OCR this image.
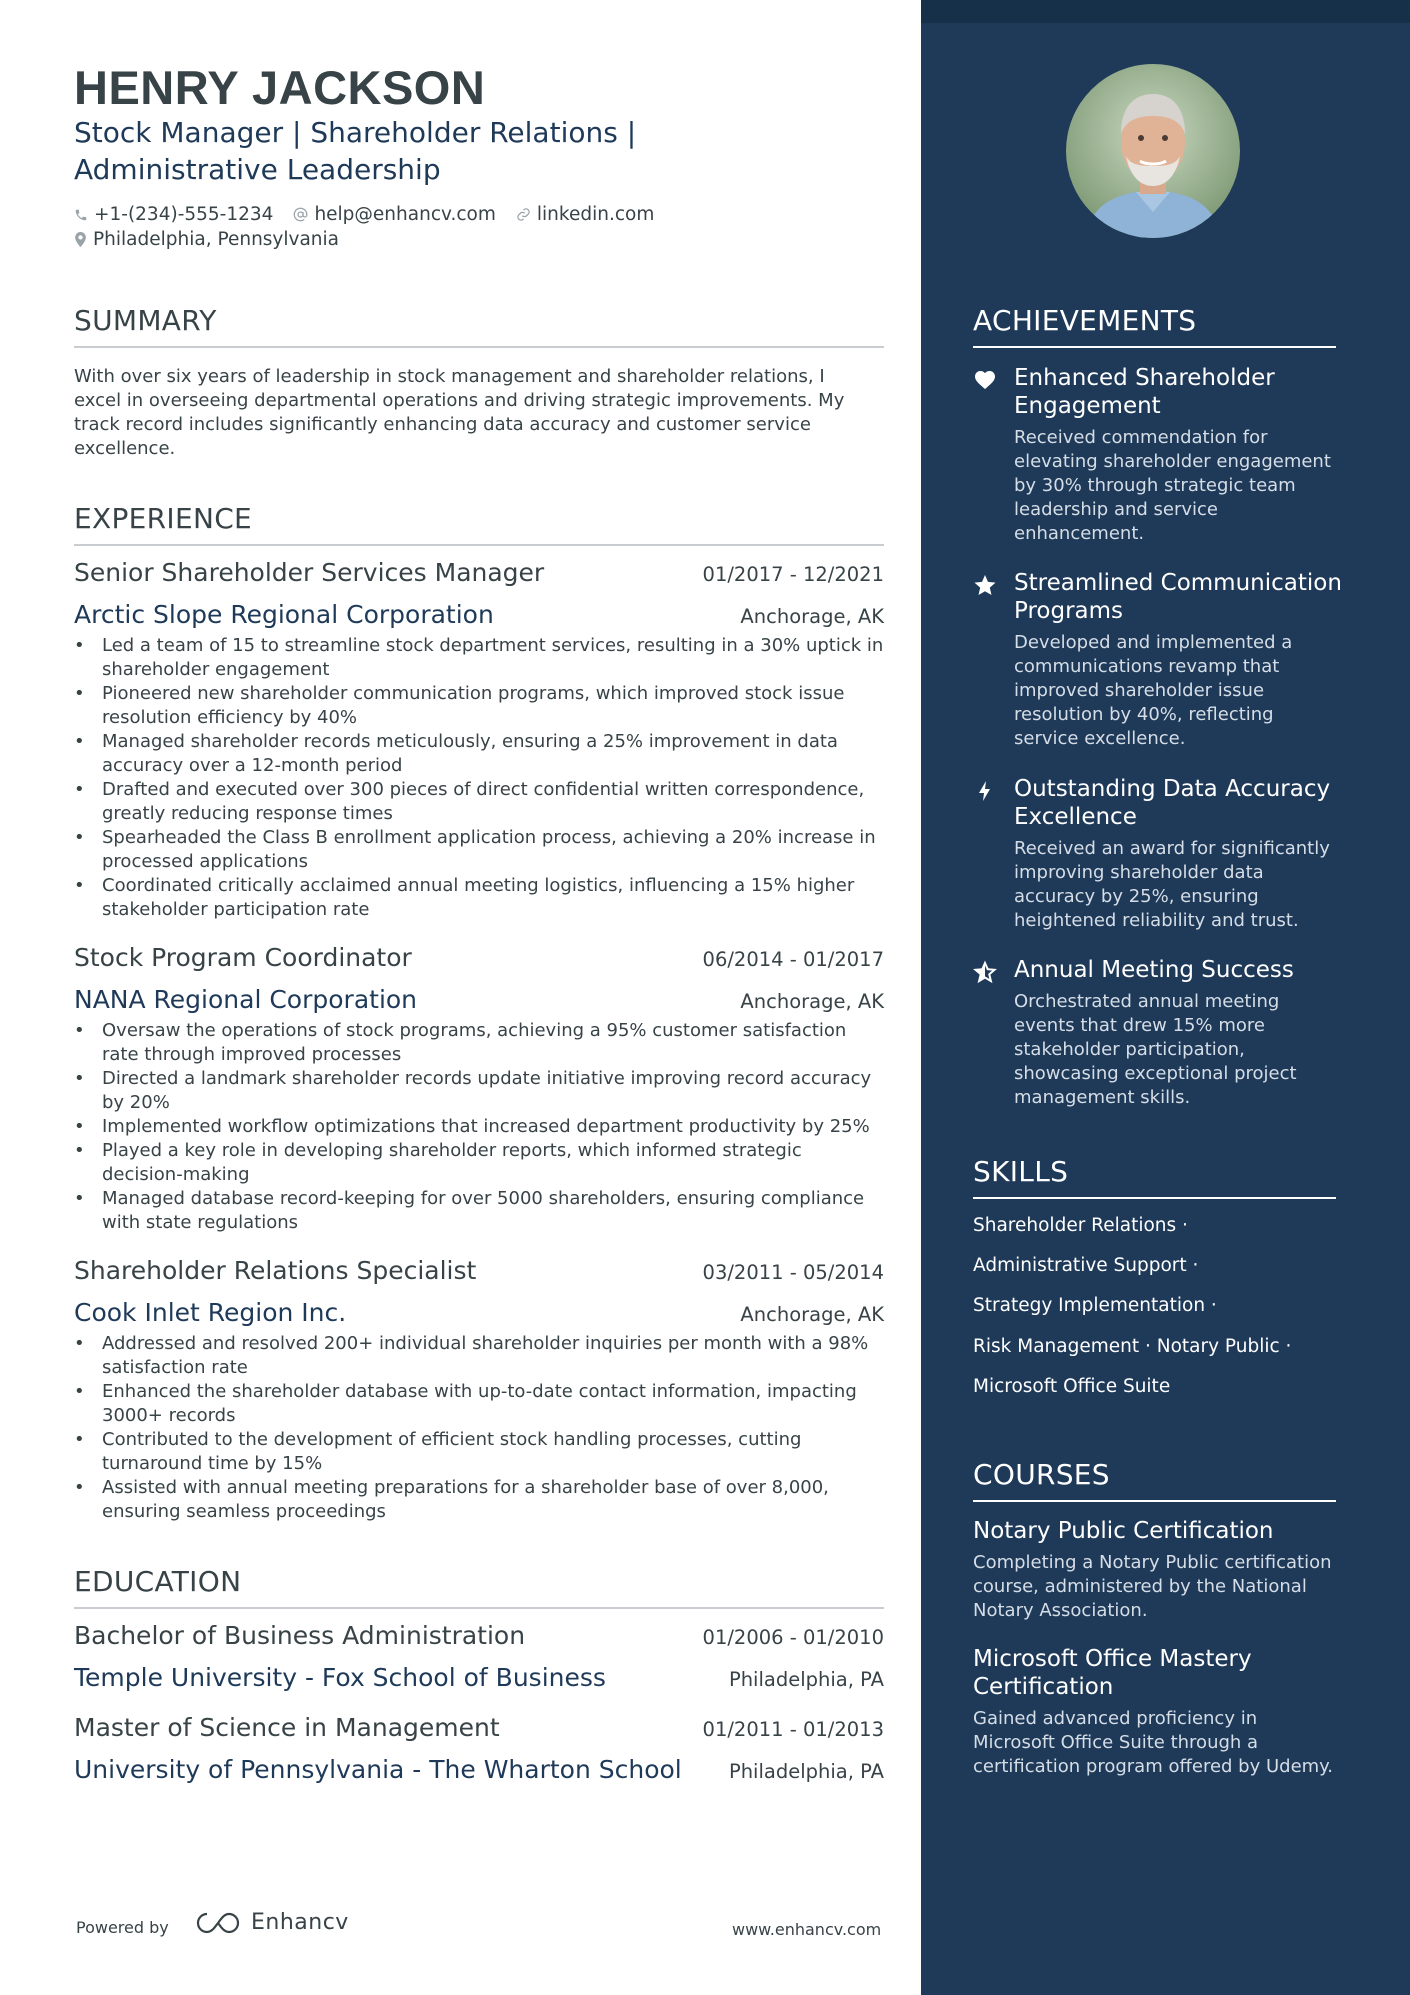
HENRY JACKSON
Stock Manager | Shareholder Relations |
Administrative Leadership
+1-(234)-555-1234 help@enhancv.com linkedin.com
Philadelphia, Pennsylvania
SUMMARY
With over six years of leadership in stock management and shareholder relations, I excel in overseeing departmental operations and driving strategic improvements. My track record includes significantly enhancing data accuracy and customer service excellence.
EXPERIENCE
Senior Shareholder Services Manager	01/2017 - 12/2021
Arctic Slope Regional Corporation	Anchorage, AK
• Led a team of 15 to streamline stock department services, resulting in a 30% uptick in shareholder engagement
• Pioneered new shareholder communication programs, which improved stock issue resolution efficiency by 40%
• Managed shareholder records meticulously, ensuring a 25% improvement in data accuracy over a 12-month period
• Drafted and executed over 300 pieces of direct confidential written correspondence, greatly reducing response times
• Spearheaded the Class B enrollment application process, achieving a 20% increase in processed applications
• Coordinated critically acclaimed annual meeting logistics, influencing a 15% higher stakeholder participation rate
Stock Program Coordinator	06/2014 - 01/2017
NANA Regional Corporation	Anchorage, AK
• Oversaw the operations of stock programs, achieving a 95% customer satisfaction rate through improved processes
• Directed a landmark shareholder records update initiative improving record accuracy by 20%
• Implemented workflow optimizations that increased department productivity by 25%
• Played a key role in developing shareholder reports, which informed strategic decision-making
• Managed database record-keeping for over 5000 shareholders, ensuring compliance with state regulations
Shareholder Relations Specialist	03/2011 - 05/2014
Cook Inlet Region Inc.	Anchorage, AK
• Addressed and resolved 200+ individual shareholder inquiries per month with a 98% satisfaction rate
• Enhanced the shareholder database with up-to-date contact information, impacting 3000+ records
• Contributed to the development of efficient stock handling processes, cutting turnaround time by 15%
• Assisted with annual meeting preparations for a shareholder base of over 8,000, ensuring seamless proceedings
EDUCATION
Bachelor of Business Administration	01/2006 - 01/2010
Temple University - Fox School of Business	Philadelphia, PA
Master of Science in Management	01/2011 - 01/2013
University of Pennsylvania - The Wharton School Philadelphia, PA
Powered by	Enhancv	www.enhancv.com
ACHIEVEMENTS
Enhanced Shareholder Engagement
Received commendation for elevating shareholder engagement by 30% through strategic team leadership and service enhancement.
Streamlined Communication Programs
Developed and implemented a communications revamp that improved shareholder issue resolution by 40%, reflecting service excellence.
Outstanding Data Accuracy Excellence
Received an award for significantly improving shareholder data accuracy by 25%, ensuring heightened reliability and trust.
Annual Meeting Success
Orchestrated annual meeting events that drew 15% more stakeholder participation, showcasing exceptional project management skills.
SKILLS
Shareholder Relations ·
Administrative Support ·
Strategy Implementation ·
Risk Management · Notary Public ·
Microsoft Office Suite
COURSES
Notary Public Certification
Completing a Notary Public certification course, administered by the National Notary Association.
Microsoft Office Mastery Certification
Gained advanced proficiency in Microsoft Office Suite through a certification program offered by Udemy.
